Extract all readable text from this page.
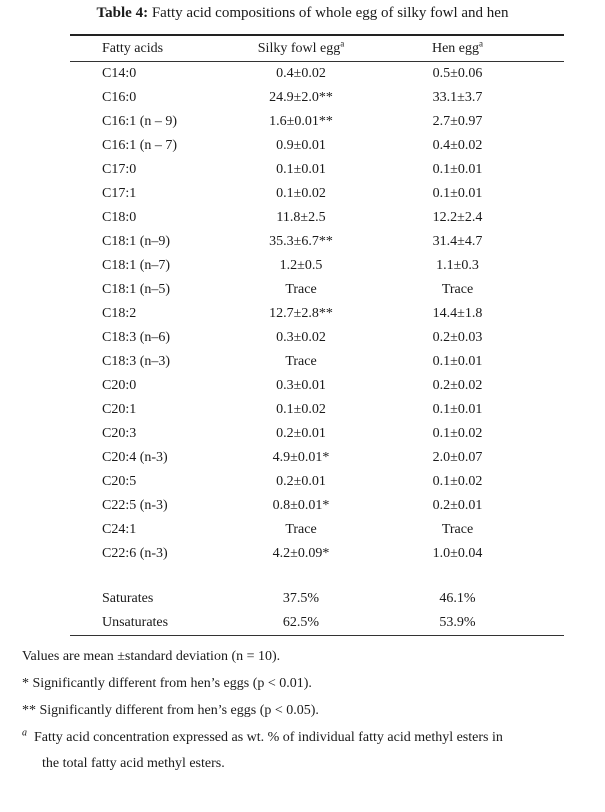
Table 4: Fatty acid compositions of whole egg of silky fowl and hen
Fatty acids	Silky fowl egg$^a$	Hen egg$^a$
C14:0	0.4±0.02	0.5±0.06
C16:0	24.9±2.0**	33.1±3.7
C16:1 (n – 9)	1.6±0.01**	2.7±0.97
C16:1 (n – 7)	0.9±0.01	0.4±0.02
C17:0	0.1±0.01	0.1±0.01
C17:1	0.1±0.02	0.1±0.01
C18:0	11.8±2.5	12.2±2.4
C18:1 (n–9)	35.3±6.7**	31.4±4.7
C18:1 (n–7)	1.2±0.5	1.1±0.3
C18:1 (n–5)	Trace	Trace
C18:2	12.7±2.8**	14.4±1.8
C18:3 (n–6)	0.3±0.02	0.2±0.03
C18:3 (n–3)	Trace	0.1±0.01
C20:0	0.3±0.01	0.2±0.02
C20:1	0.1±0.02	0.1±0.01
C20:3	0.2±0.01	0.1±0.02
C20:4 (n-3)	4.9±0.01*	2.0±0.07
C20:5	0.2±0.01	0.1±0.02
C22:5 (n-3)	0.8±0.01*	0.2±0.01
C24:1	Trace	Trace
C22:6 (n-3)	4.2±0.09*	1.0±0.04
Saturates	37.5%	46.1%
Unsaturates	62.5%	53.9%
Values are mean ±standard deviation (n = 10).
* Significantly different from hen’s eggs (p < 0.01).
** Significantly different from hen’s eggs (p < 0.05).
$^a$ Fatty acid concentration expressed as wt. % of individual fatty acid methyl esters in
the total fatty acid methyl esters.
